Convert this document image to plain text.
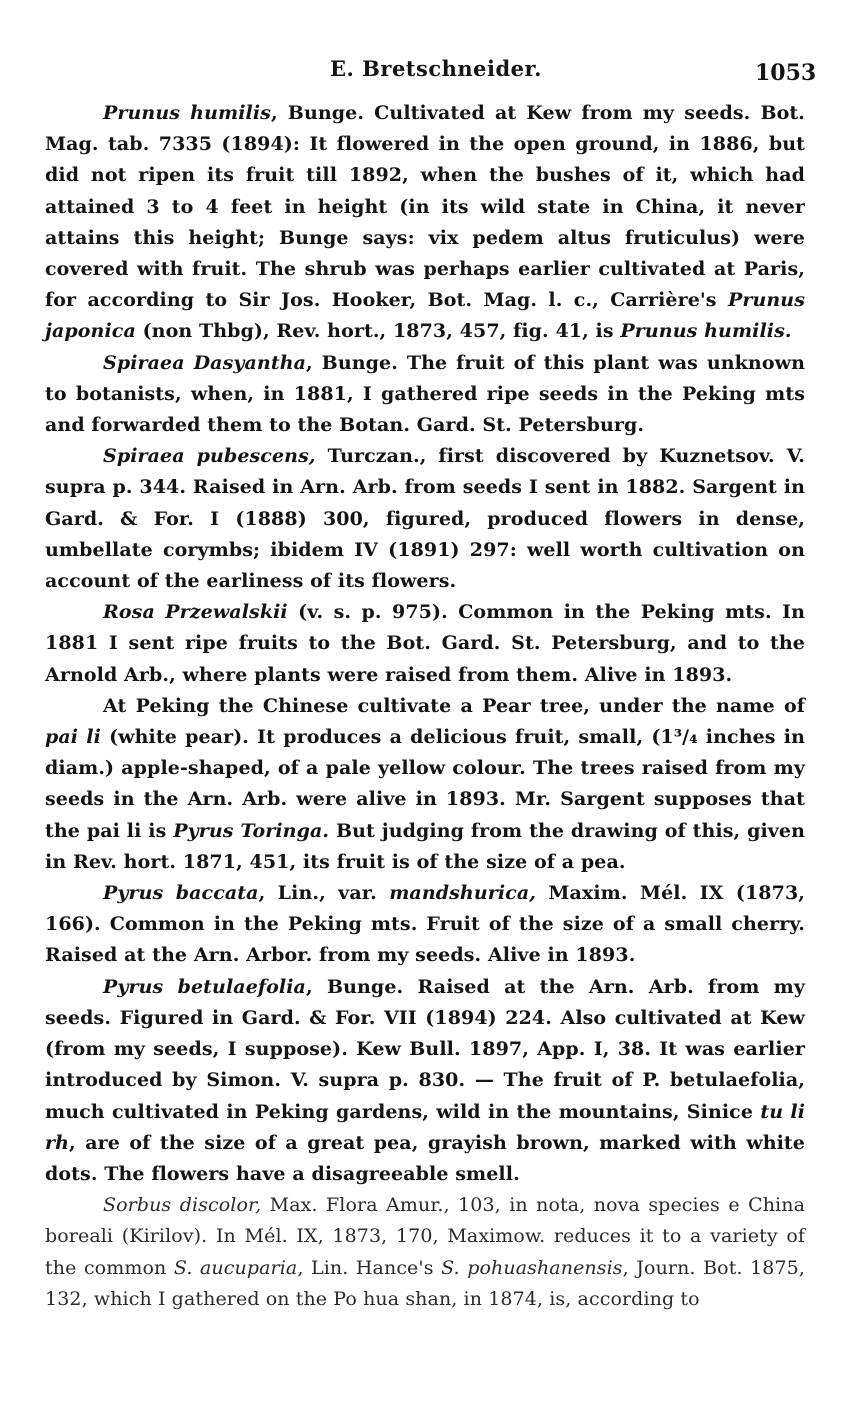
E. Bretschneider.	1053

Prunus humilis, Bunge. Cultivated at Kew from my seeds. Bot. Mag. tab. 7335 (1894): It flowered in the open ground, in 1886, but did not ripen its fruit till 1892, when the bushes of it, which had attained 3 to 4 feet in height (in its wild state in China, it never attains this height; Bunge says: vix pedem altus fruticulus) were covered with fruit. The shrub was perhaps earlier cultivated at Paris, for according to Sir Jos. Hooker, Bot. Mag. l. c., Carrière's Prunus japonica (non Thbg), Rev. hort., 1873, 457, fig. 41, is Prunus humilis.

Spiraea Dasyantha, Bunge. The fruit of this plant was unknown to botanists, when, in 1881, I gathered ripe seeds in the Peking mts and forwarded them to the Botan. Gard. St. Petersburg.

Spiraea pubescens, Turczan., first discovered by Kuznetsov. V. supra p. 344. Raised in Arn. Arb. from seeds I sent in 1882. Sargent in Gard. & For. I (1888) 300, figured, produced flowers in dense, umbellate corymbs; ibidem IV (1891) 297: well worth cultivation on account of the earliness of its flowers.

Rosa Przewalskii (v. s. p. 975). Common in the Peking mts. In 1881 I sent ripe fruits to the Bot. Gard. St. Petersburg, and to the Arnold Arb., where plants were raised from them. Alive in 1893.

At Peking the Chinese cultivate a Pear tree, under the name of pai li (white pear). It produces a delicious fruit, small, (1³/₄ inches in diam.) apple-shaped, of a pale yellow colour. The trees raised from my seeds in the Arn. Arb. were alive in 1893. Mr. Sargent supposes that the pai li is Pyrus Toringa. But judging from the drawing of this, given in Rev. hort. 1871, 451, its fruit is of the size of a pea.

Pyrus baccata, Lin., var. mandshurica, Maxim. Mél. IX (1873, 166). Common in the Peking mts. Fruit of the size of a small cherry. Raised at the Arn. Arbor. from my seeds. Alive in 1893.

Pyrus betulaefolia, Bunge. Raised at the Arn. Arb. from my seeds. Figured in Gard. & For. VII (1894) 224. Also cultivated at Kew (from my seeds, I suppose). Kew Bull. 1897, App. I, 38. It was earlier introduced by Simon. V. supra p. 830. — The fruit of P. betulaefolia, much cultivated in Peking gardens, wild in the mountains, Sinice tu li rh, are of the size of a great pea, grayish brown, marked with white dots. The flowers have a disagreeable smell.

Sorbus discolor, Max. Flora Amur., 103, in nota, nova species e China boreali (Kirilov). In Mél. IX, 1873, 170, Maximow. reduces it to a variety of the common S. aucuparia, Lin. Hance's S. pohuashanensis, Journ. Bot. 1875, 132, which I gathered on the Po hua shan, in 1874, is, according to
